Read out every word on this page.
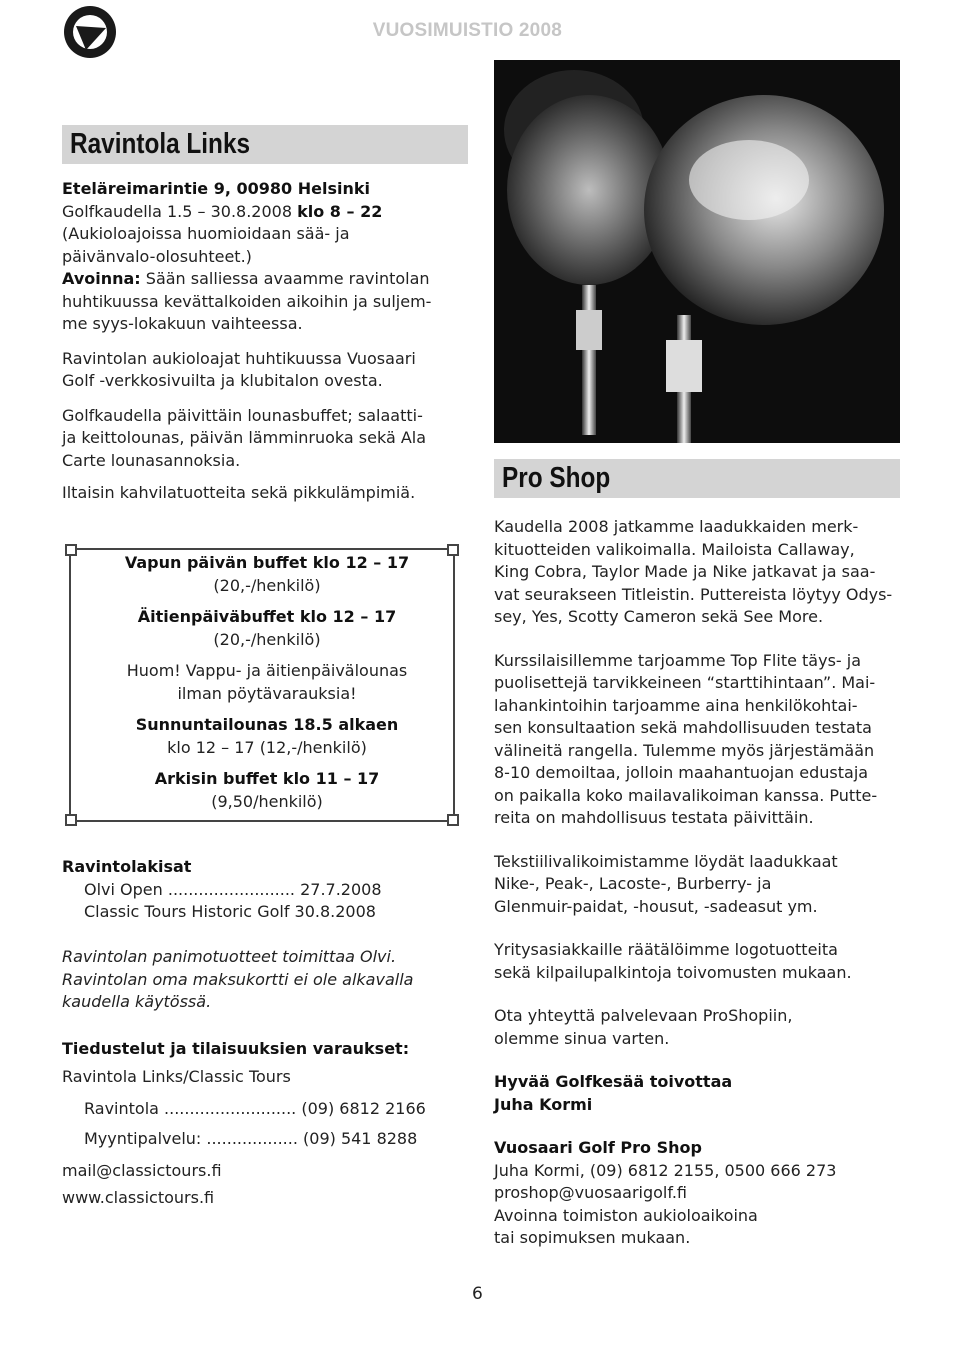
VUOSIMUISTIO 2008
Ravintola Links

Eteläreimarintie 9, 00980 Helsinki

Golfkaudella 1.5 – 30.8.2008 klo 8 – 22

(Aukioloajoissa huomioidaan sää- ja

päivänvalo-olosuhteet.)

Avoinna: Sään salliessa avaamme ravintolan

huhtikuussa kevättalkoiden aikoihin ja suljem-

me syys-lokakuun vaihteessa.

Ravintolan aukioloajat huhtikuussa Vuosaari

Golf -verkkosivuilta ja klubitalon ovesta.

Golfkaudella päivittäin lounasbuffet; salaatti-

ja keittolounas, päivän lämminruoka sekä Ala

Carte lounasannoksia.

Iltaisin kahvilatuotteita sekä pikkulämpimiä.

Vapun päivän buffet klo 12 – 17

(20,-/henkilö)

Äitienpäiväbuffet klo 12 – 17

(20,-/henkilö)

Huom! Vappu- ja äitienpäivälounas

ilman pöytävarauksia!

Sunnuntailounas 18.5 alkaen

klo 12 – 17 (12,-/henkilö)

Arkisin buffet klo 11 – 17

(9,50/henkilö)

Ravintolakisat

Olvi Open ......................... 27.7.2008

Classic Tours Historic Golf 30.8.2008

Ravintolan panimotuotteet toimittaa Olvi.

Ravintolan oma maksukortti ei ole alkavalla

kaudella käytössä.

Tiedustelut ja tilaisuuksien varaukset:

Ravintola Links/Classic Tours

Ravintola .......................... (09) 6812 2166

Myyntipalvelu: .................. (09) 541 8288

mail@classictours.fi

www.classictours.fi

Pro Shop

Kaudella 2008 jatkamme laadukkaiden merk-

kituotteiden valikoimalla. Mailoista Callaway,

King Cobra, Taylor Made ja Nike jatkavat ja saa-

vat seurakseen Titleistin. Puttereista löytyy Odys-

sey, Yes, Scotty Cameron sekä See More.

Kurssilaisillemme tarjoamme Top Flite täys- ja

puolisettejä tarvikkeineen “starttihintaan”. Mai-

lahankintoihin tarjoamme aina henkilökohtai-

sen konsultaation sekä mahdollisuuden testata

välineitä rangella. Tulemme myös järjestämään

8-10 demoiltaa, jolloin maahantuojan edustaja

on paikalla koko mailavalikoiman kanssa. Putte-

reita on mahdollisuus testata päivittäin.

Tekstiilivalikoimistamme löydät laadukkaat

Nike-, Peak-, Lacoste-, Burberry- ja

Glenmuir-paidat, -housut, -sadeasut ym.

Yritysasiakkaille räätälöimme logotuotteita

sekä kilpailupalkintoja toivomusten mukaan.

Ota yhteyttä palvelevaan ProShopiin,

olemme sinua varten.

Hyvää Golfkesää toivottaa

Juha Kormi

Vuosaari Golf Pro Shop

Juha Kormi, (09) 6812 2155, 0500 666 273

proshop@vuosaarigolf.fi

Avoinna toimiston aukioloaikoina

tai sopimuksen mukaan.

6
